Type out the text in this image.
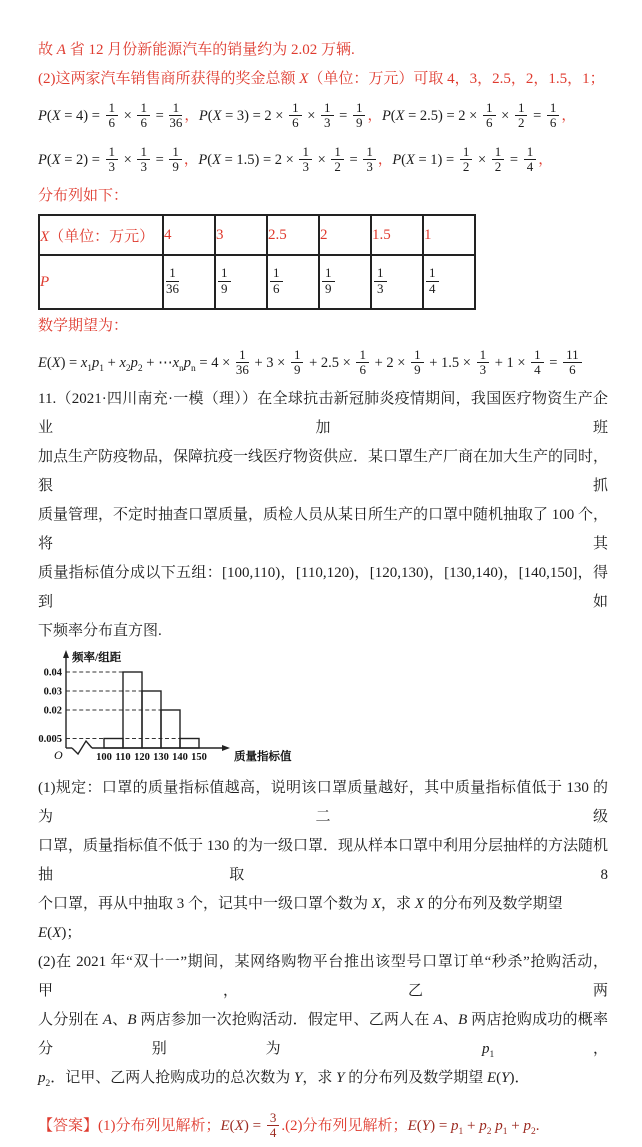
故 A 省 12 月份新能源汽车的销量约为 2.02 万辆.
(2)这两家汽车销售商所获得的奖金总额 X（单位：万元）可取 4，3，2.5，2，1.5，1；
$P(X = 4) = \frac{1}{6} \times \frac{1}{6} = \frac{1}{36}$ ，$P(X = 3) = 2 \times \frac{1}{6} \times \frac{1}{3} = \frac{1}{9}$ ，$P(X = 2.5) = 2 \times \frac{1}{6} \times \frac{1}{2} = \frac{1}{6}$ ，
$P(X = 2) = \frac{1}{3} \times \frac{1}{3} = \frac{1}{9}$ ，$P(X = 1.5) = 2 \times \frac{1}{3} \times \frac{1}{2} = \frac{1}{3}$ ，$P(X = 1) = \frac{1}{2} \times \frac{1}{2} = \frac{1}{4}$ ，
分布列如下：
X（单位：万元）	4	3	2.5	2	1.5	1
P	$\frac{1}{36}$	$\frac{1}{9}$	$\frac{1}{6}$	$\frac{1}{9}$	$\frac{1}{3}$	$\frac{1}{4}$
数学期望为：
$E(X) = x_1p_1 + x_2p_2$ + $\cdots x_np_n = 4 \times \frac{1}{36} + 3 \times \frac{1}{9} + 2.5 \times \frac{1}{6} + 2 \times \frac{1}{9} + 1.5 \times \frac{1}{3} + 1 \times \frac{1}{4} = \frac{11}{6}$
11.（2021·四川南充·一模（理））在全球抗击新冠肺炎疫情期间，我国医疗物资生产企业加班
加点生产防疫物品，保障抗疫一线医疗物资供应．某口罩生产厂商在加大生产的同时，狠抓
质量管理，不定时抽查口罩质量，质检人员从某日所生产的口罩中随机抽取了 100 个，将其
质量指标值分成以下五组：[100,110)，[110,120)，[120,130)，[130,140)，[140,150]，得到如
下频率分布直方图.
0.005
0.02
0.03
0.04
100 110 120 130 140 150
频率/组距
质量指标值
O
(1)规定：口罩的质量指标值越高，说明该口罩质量越好，其中质量指标值低于 130 的为二级
口罩，质量指标值不低于 130 的为一级口罩．现从样本口罩中利用分层抽样的方法随机抽取 8
个口罩，再从中抽取 3 个，记其中一级口罩个数为 X，求 X 的分布列及数学期望 E(X)；
(2)在 2021 年“双十一”期间，某网络购物平台推出该型号口罩订单“秒杀”抢购活动，甲，乙两
人分别在 A、B 两店参加一次抢购活动．假定甲、乙两人在 A、B 两店抢购成功的概率分别为 $p_1$，
$p_2$．记甲、乙两人抢购成功的总次数为 Y，求 Y 的分布列及数学期望 E(Y)．
【答案】(1)分布列见解析；$E(X) = \frac{3}{4} .(2)$分布列见解析；$E(Y) = p_1 + p_2$ $p_1 + p_2$.
